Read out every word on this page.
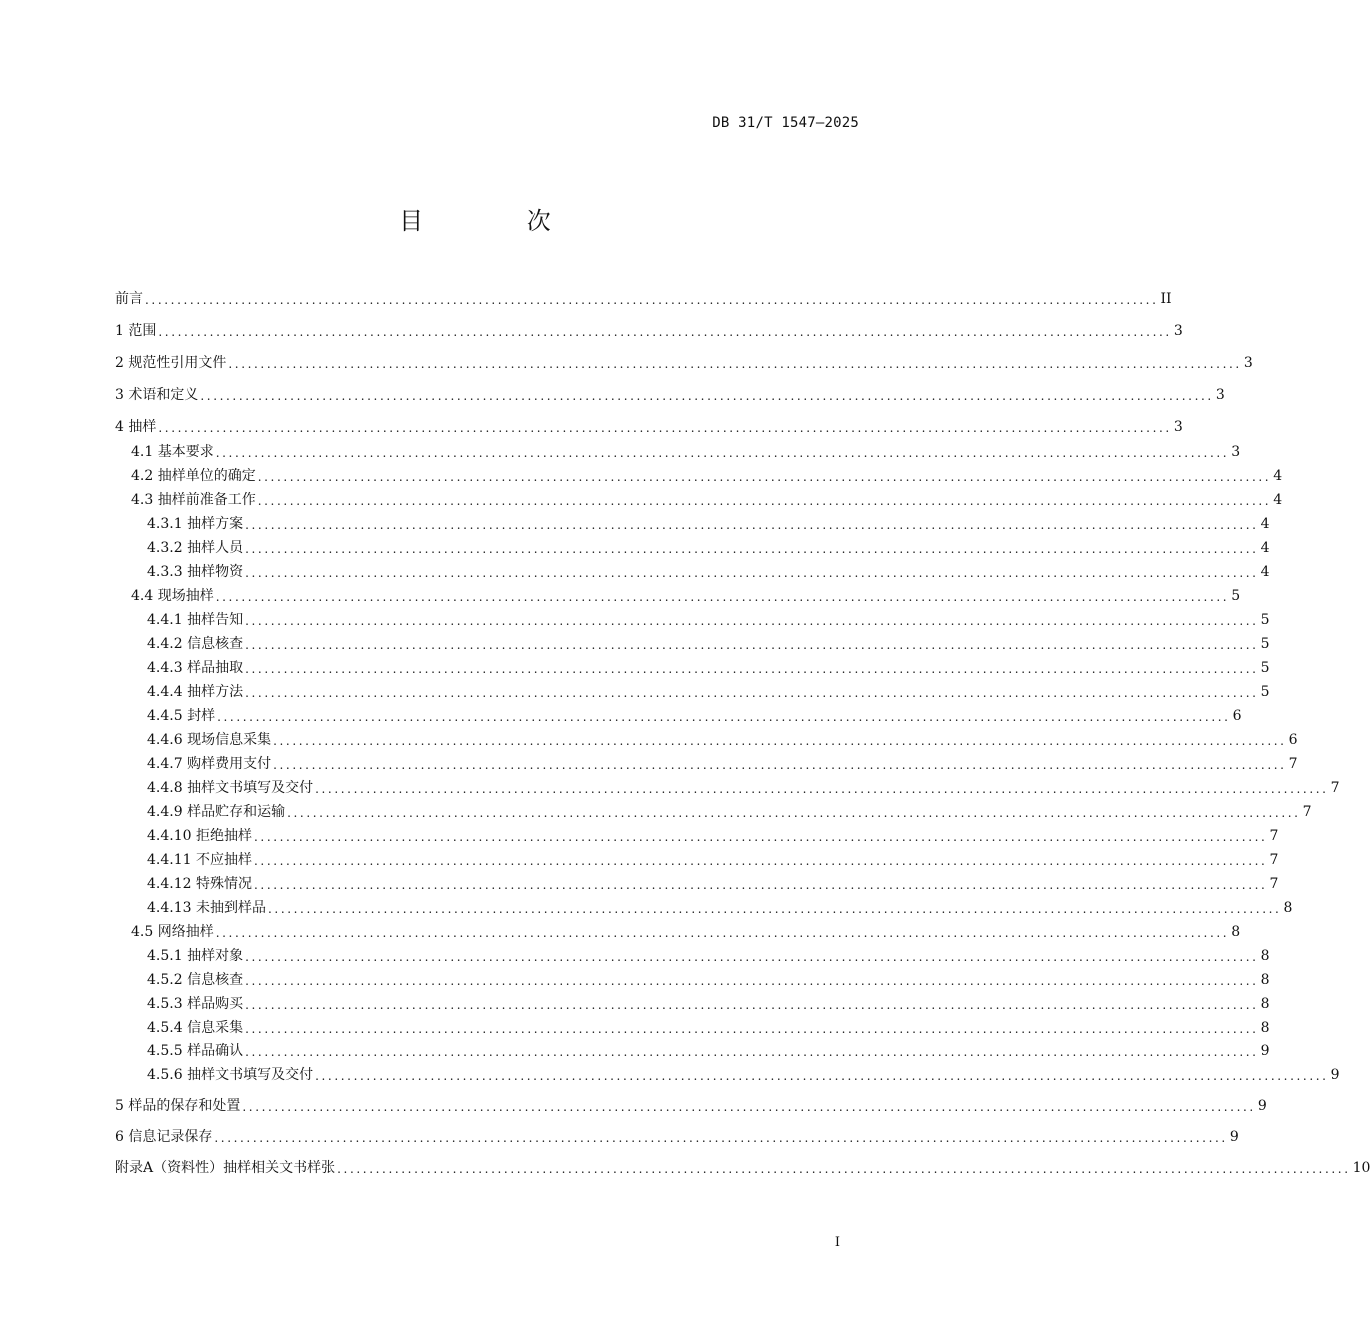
DB 31/T 1547—2025
目 次
前言 .............................................................................................................................................................. II
1 范围 .............................................................................................................................................................. 3
2 规范性引用文件 .............................................................................................................................................................. 3
3 术语和定义 .............................................................................................................................................................. 3
4 抽样 .............................................................................................................................................................. 3
4.1 基本要求 .............................................................................................................................................................. 3
4.2 抽样单位的确定 .............................................................................................................................................................. 4
4.3 抽样前准备工作 .............................................................................................................................................................. 4
4.3.1 抽样方案 .............................................................................................................................................................. 4
4.3.2 抽样人员 .............................................................................................................................................................. 4
4.3.3 抽样物资 .............................................................................................................................................................. 4
4.4 现场抽样 .............................................................................................................................................................. 5
4.4.1 抽样告知 .............................................................................................................................................................. 5
4.4.2 信息核查 .............................................................................................................................................................. 5
4.4.3 样品抽取 .............................................................................................................................................................. 5
4.4.4 抽样方法 .............................................................................................................................................................. 5
4.4.5 封样 .............................................................................................................................................................. 6
4.4.6 现场信息采集 .............................................................................................................................................................. 6
4.4.7 购样费用支付 .............................................................................................................................................................. 7
4.4.8 抽样文书填写及交付 .............................................................................................................................................................. 7
4.4.9 样品贮存和运输 .............................................................................................................................................................. 7
4.4.10 拒绝抽样 .............................................................................................................................................................. 7
4.4.11 不应抽样 .............................................................................................................................................................. 7
4.4.12 特殊情况 .............................................................................................................................................................. 7
4.4.13 未抽到样品 .............................................................................................................................................................. 8
4.5 网络抽样 .............................................................................................................................................................. 8
4.5.1 抽样对象 .............................................................................................................................................................. 8
4.5.2 信息核查 .............................................................................................................................................................. 8
4.5.3 样品购买 .............................................................................................................................................................. 8
4.5.4 信息采集 .............................................................................................................................................................. 8
4.5.5 样品确认 .............................................................................................................................................................. 9
4.5.6 抽样文书填写及交付 .............................................................................................................................................................. 9
5 样品的保存和处置 .............................................................................................................................................................. 9
6 信息记录保存 .............................................................................................................................................................. 9
附录A（资料性）抽样相关文书样张 .............................................................................................................................................................. 10
I
